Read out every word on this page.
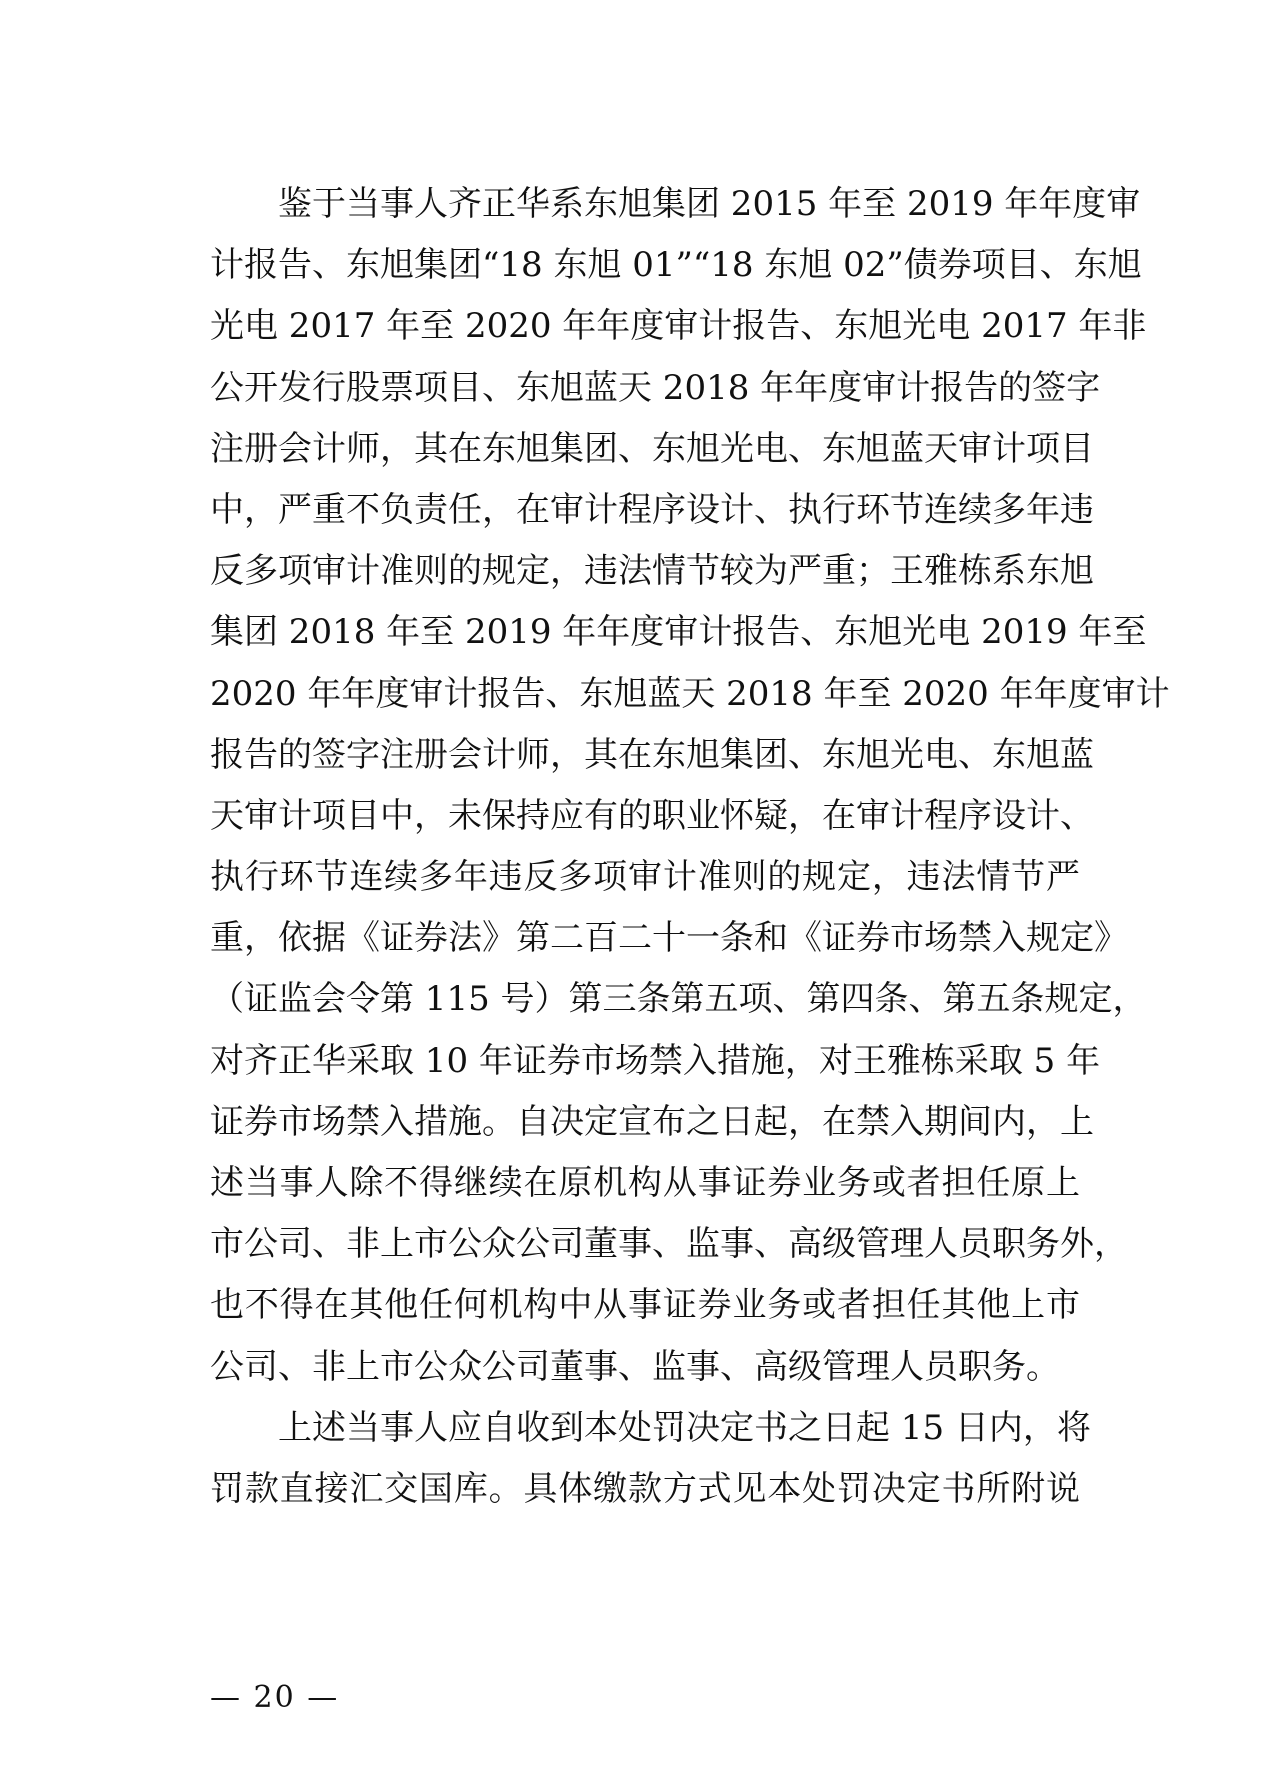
鉴于当事人齐正华系东旭集团 2015 年至 2019 年年度审
计报告、东旭集团“18 东旭 01”“18 东旭 02”债券项目、东旭
光电 2017 年至 2020 年年度审计报告、东旭光电 2017 年非
公开发行股票项目、东旭蓝天 2018 年年度审计报告的签字
注册会计师，其在东旭集团、东旭光电、东旭蓝天审计项目
中，严重不负责任，在审计程序设计、执行环节连续多年违
反多项审计准则的规定，违法情节较为严重；王雅栋系东旭
集团 2018 年至 2019 年年度审计报告、东旭光电 2019 年至
2020 年年度审计报告、东旭蓝天 2018 年至 2020 年年度审计
报告的签字注册会计师，其在东旭集团、东旭光电、东旭蓝
天审计项目中，未保持应有的职业怀疑，在审计程序设计、
执行环节连续多年违反多项审计准则的规定，违法情节严
重，依据《证券法》第二百二十一条和《证券市场禁入规定》
（证监会令第 115 号）第三条第五项、第四条、第五条规定，
对齐正华采取 10 年证券市场禁入措施，对王雅栋采取 5 年
证券市场禁入措施。自决定宣布之日起，在禁入期间内，上
述当事人除不得继续在原机构从事证券业务或者担任原上
市公司、非上市公众公司董事、监事、高级管理人员职务外，
也不得在其他任何机构中从事证券业务或者担任其他上市
公司、非上市公众公司董事、监事、高级管理人员职务。
上述当事人应自收到本处罚决定书之日起 15 日内，将
罚款直接汇交国库。具体缴款方式见本处罚决定书所附说
— 20 —
